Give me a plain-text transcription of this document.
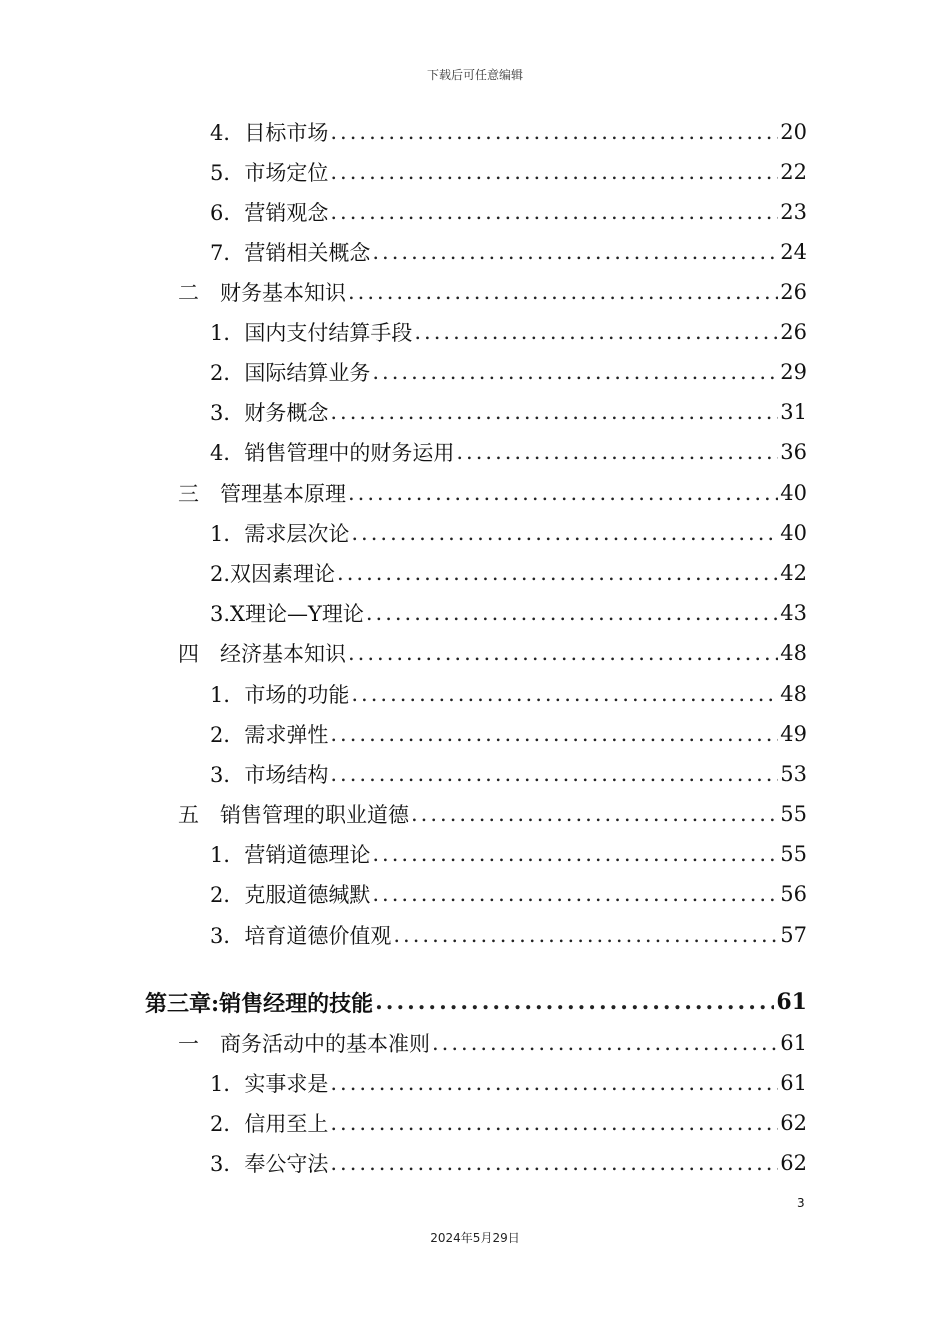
下载后可任意编辑
4．目标市场 .....	20
5．市场定位 .....	22
6．营销观念 .....	23
7．营销相关概念 .....	24
二　财务基本知识 .....	26
1．国内支付结算手段 .....	26
2．国际结算业务 .....	29
3．财务概念 .....	31
4．销售管理中的财务运用 .....	36
三　管理基本原理 .....	40
1．需求层次论 .....	40
2.双因素理论 .....	42
3.X理论—Y理论 .....	43
四　经济基本知识 .....	48
1．市场的功能 .....	48
2．需求弹性 .....	49
3．市场结构 .....	53
五　销售管理的职业道德 .....	55
1．营销道德理论 .....	55
2．克服道德缄默 .....	56
3．培育道德价值观 .....	57
第三章:销售经理的技能 .....	61
一　商务活动中的基本准则 .....	61
1．实事求是 .....	61
2．信用至上 .....	62
3．奉公守法 .....	62
3
2024年5月29日
